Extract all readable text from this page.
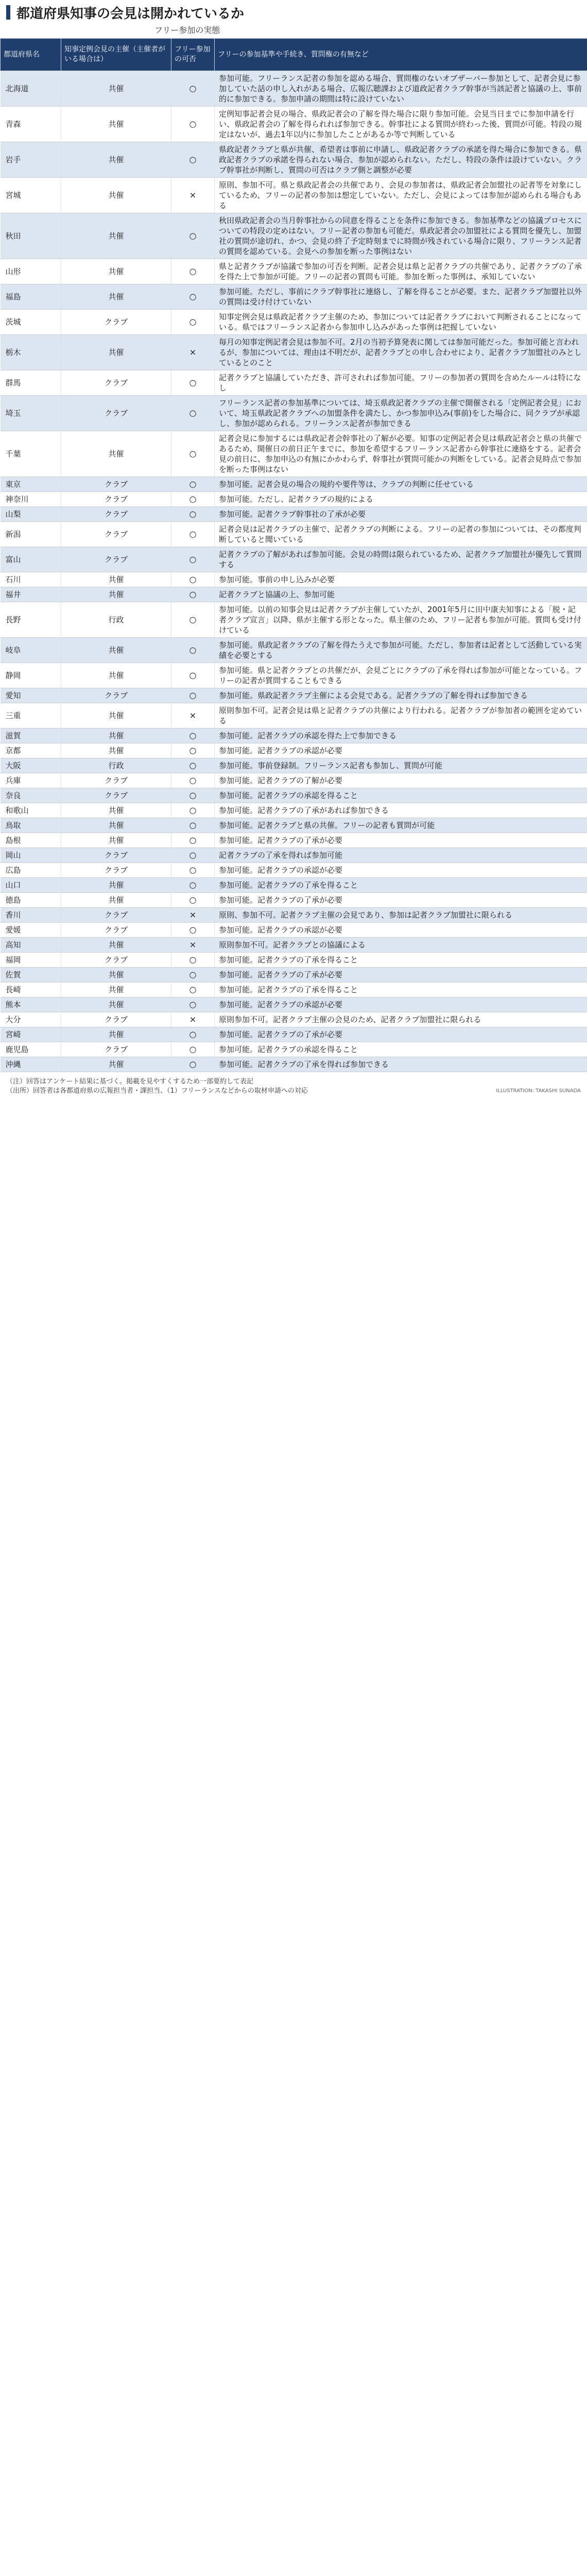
都道府県知事の会見は開かれているか
フリー参加の実態
都道府県名	知事定例会見の主催（主催者がいる場合は）	フリー参加の可否	フリーの参加基準や手続き、質問権の有無など
北海道	共催	○	参加可能。フリーランス記者の参加を認める場合、質問権のないオブザーバー参加として、記者会見に参加していた話の申し入れがある場合、広報広聴課および道政記者クラブ幹事が当該記者と協議の上、事前的に参加できる。参加申請の期間は特に設けていない
青森	共催	○	定例知事記者会見の場合、県政記者会の了解を得た場合に限り参加可能。会見当日までに参加申請を行い、県政記者会の了解を得られれば参加できる。幹事社による質問が終わった後、質問が可能。特段の規定はないが、過去1年以内に参加したことがあるか等で判断している
岩手	共催	○	県政記者クラブと県が共催、希望者は事前に申請し、県政記者クラブの承諾を得た場合に参加できる。県政記者クラブの承諾を得られない場合、参加が認められない。ただし、特段の条件は設けていない。クラブ幹事社が判断し、質問の可否はクラブ側と調整が必要
宮城	共催	×	原則、参加不可。県と県政記者会の共催であり、会見の参加者は、県政記者会加盟社の記者等を対象にしているため、フリーの記者の参加は想定していない。ただし、会見によっては参加が認められる場合もある
秋田	共催	○	秋田県政記者会の当月幹事社からの同意を得ることを条件に参加できる。参加基準などの協議プロセスについての特段の定めはない。フリー記者の参加も可能だ。県政記者会の加盟社による質問を優先し、加盟社の質問が途切れ、かつ、会見の終了予定時刻までに時間が残されている場合に限り、フリーランス記者の質問を認めている。会見への参加を断った事例はない
山形	共催	○	県と記者クラブが協議で参加の可否を判断。記者会見は県と記者クラブの共催であり、記者クラブの了承を得た上で参加が可能。フリーの記者の質問も可能。参加を断った事例は、承知していない
福島	共催	○	参加可能。ただし、事前にクラブ幹事社に連絡し、了解を得ることが必要。また、記者クラブ加盟社以外の質問は受け付けていない
茨城	クラブ	○	知事定例会見は県政記者クラブ主催のため、参加については記者クラブにおいて判断されることになっている。県ではフリーランス記者から参加申し込みがあった事例は把握していない
栃木	共催	×	毎月の知事定例記者会見は参加不可。2月の当初予算発表に関しては参加可能だった。参加可能と言われるが、参加については、理由は不明だが、記者クラブとの申し合わせにより、記者クラブ加盟社のみとしているとのこと
群馬	クラブ	○	記者クラブと協議していただき、許可されれば参加可能。フリーの参加者の質問を含めたルールは特になし
埼玉	クラブ	○	フリーランス記者の参加基準については、埼玉県政記者クラブの主催で開催される「定例記者会見」において、埼玉県政記者クラブへの加盟条件を満たし、かつ参加申込み(事前)をした場合に、同クラブが承認し、参加が認められる。フリーランス記者が参加できる
千葉	共催	○	記者会見に参加するには県政記者会幹事社の了解が必要。知事の定例記者会見は県政記者会と県の共催であるため、開催日の前日正午までに、参加を希望するフリーランス記者から幹事社に連絡をする。記者会見の前日に、参加申込の有無にかかわらず、幹事社が質問可能かの判断をしている。記者会見時点で参加を断った事例はない
東京	クラブ	○	参加可能。記者会見の場合の規約や要件等は、クラブの判断に任せている
神奈川	クラブ	○	参加可能。ただし、記者クラブの規約による
山梨	クラブ	○	参加可能。記者クラブ幹事社の了承が必要
新潟	クラブ	○	記者会見は記者クラブの主催で、記者クラブの判断による。フリーの記者の参加については、その都度判断していると聞いている
富山	クラブ	○	記者クラブの了解があれば参加可能。会見の時間は限られているため、記者クラブ加盟社が優先して質問する
石川	共催	○	参加可能。事前の申し込みが必要
福井	共催	○	記者クラブと協議の上、参加可能
長野	行政	○	参加可能。以前の知事会見は記者クラブが主催していたが、2001年5月に田中康夫知事による「脱・記者クラブ宣言」以降、県が主催する形となった。県主催のため、フリー記者も参加が可能。質問も受け付けている
岐阜	共催	○	参加可能。県政記者クラブの了解を得たうえで参加が可能。ただし、参加者は記者として活動している実績を必要とする
静岡	共催	○	参加可能。県と記者クラブとの共催だが、会見ごとにクラブの了承を得れば参加が可能となっている。フリーの記者が質問することもできる
愛知	クラブ	○	参加可能。県政記者クラブ主催による会見である。記者クラブの了解を得れば参加できる
三重	共催	×	原則参加不可。記者会見は県と記者クラブの共催により行われる。記者クラブが参加者の範囲を定めている
滋賀	共催	○	参加可能。記者クラブの承認を得た上で参加できる
京都	共催	○	参加可能。記者クラブの承認が必要
大阪	行政	○	参加可能。事前登録制。フリーランス記者も参加し、質問が可能
兵庫	クラブ	○	参加可能。記者クラブの了解が必要
奈良	クラブ	○	参加可能。記者クラブの承認を得ること
和歌山	共催	○	参加可能。記者クラブの了承があれば参加できる
鳥取	共催	○	参加可能。記者クラブと県の共催。フリーの記者も質問が可能
島根	共催	○	参加可能。記者クラブの了承が必要
岡山	クラブ	○	記者クラブの了承を得れば参加可能
広島	クラブ	○	参加可能。記者クラブの承認が必要
山口	共催	○	参加可能。記者クラブの了承を得ること
徳島	共催	○	参加可能。記者クラブの了承が必要
香川	クラブ	×	原則、参加不可。記者クラブ主催の会見であり、参加は記者クラブ加盟社に限られる
愛媛	クラブ	○	参加可能。記者クラブの承認が必要
高知	共催	×	原則参加不可。記者クラブとの協議による
福岡	クラブ	○	参加可能。記者クラブの了承を得ること
佐賀	共催	○	参加可能。記者クラブの了承が必要
長崎	共催	○	参加可能。記者クラブの了承を得ること
熊本	共催	○	参加可能。記者クラブの承認が必要
大分	クラブ	×	原則参加不可。記者クラブ主催の会見のため、記者クラブ加盟社に限られる
宮崎	共催	○	参加可能。記者クラブの了承が必要
鹿児島	クラブ	○	参加可能。記者クラブの承認を得ること
沖縄	共催	○	参加可能。記者クラブの了承を得れば参加できる
（注）回答はアンケート結果に基づく。掲載を見やすくするため一部要約して表記
（出所）回答者は各都道府県の広報担当者・課担当、（1）フリーランスなどからの取材申請への対応	ILLUSTRATION: TAKASHI SUNADA
